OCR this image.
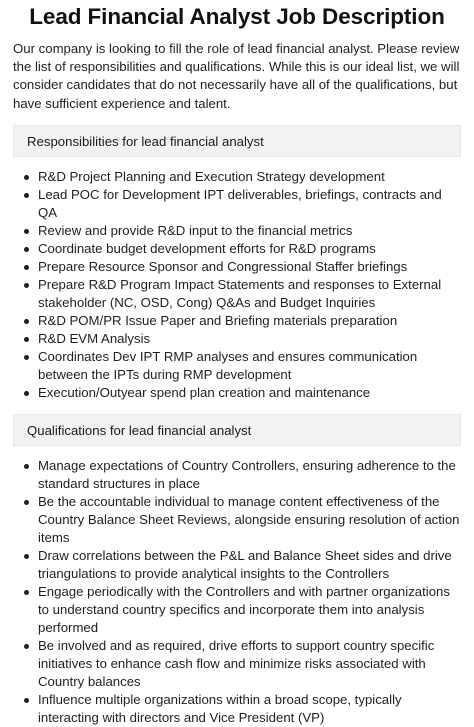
Lead Financial Analyst Job Description

Our company is looking to fill the role of lead financial analyst. Please review the list of responsibilities and qualifications. While this is our ideal list, we will consider candidates that do not necessarily have all of the qualifications, but have sufficient experience and talent.

Responsibilities for lead financial analyst
R&D Project Planning and Execution Strategy development
Lead POC for Development IPT deliverables, briefings, contracts and QA
Review and provide R&D input to the financial metrics
Coordinate budget development efforts for R&D programs
Prepare Resource Sponsor and Congressional Staffer briefings
Prepare R&D Program Impact Statements and responses to External stakeholder (NC, OSD, Cong) Q&As and Budget Inquiries
R&D POM/PR Issue Paper and Briefing materials preparation
R&D EVM Analysis
Coordinates Dev IPT RMP analyses and ensures communication between the IPTs during RMP development
Execution/Outyear spend plan creation and maintenance
Qualifications for lead financial analyst
Manage expectations of Country Controllers, ensuring adherence to the standard structures in place
Be the accountable individual to manage content effectiveness of the Country Balance Sheet Reviews, alongside ensuring resolution of action items
Draw correlations between the P&L and Balance Sheet sides and drive triangulations to provide analytical insights to the Controllers
Engage periodically with the Controllers and with partner organizations to understand country specifics and incorporate them into analysis performed
Be involved and as required, drive efforts to support country specific initiatives to enhance cash flow and minimize risks associated with Country balances
Influence multiple organizations within a broad scope, typically interacting with directors and Vice President (VP)
